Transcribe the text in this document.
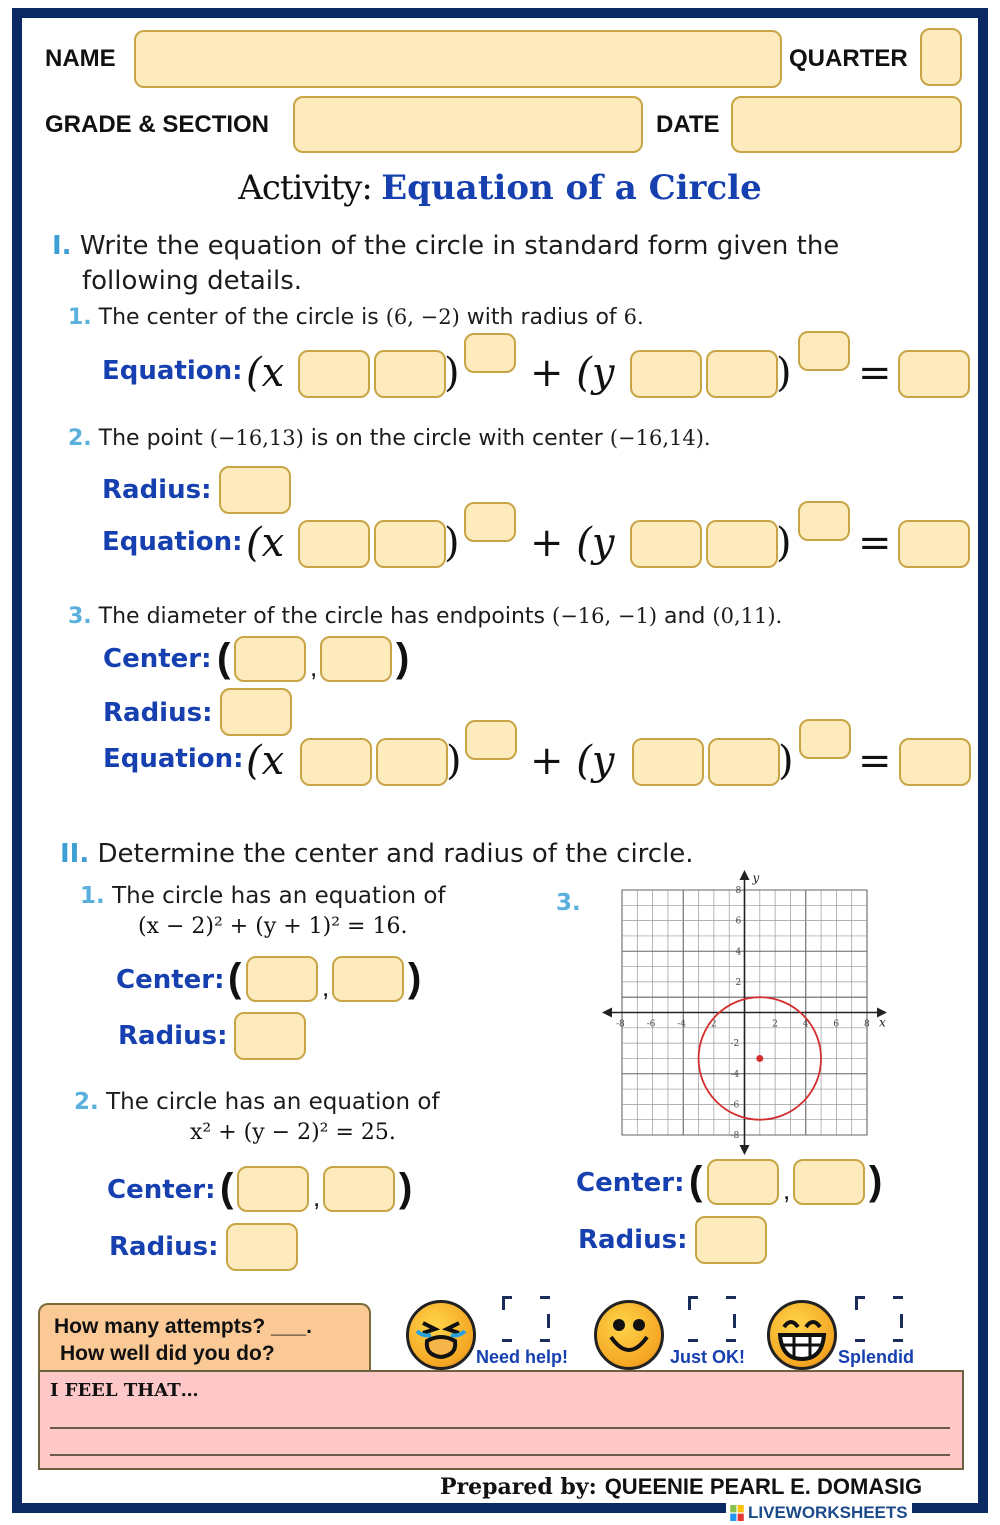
NAME	QUARTER
GRADE & SECTION	DATE
Activity: Equation of a Circle
I. Write the equation of the circle in standard form given the
following details.
1. The center of the circle is (6, −2) with radius of 6.
Equation: (x	) + (y	) =
2. The point (−16,13) is on the circle with center (−16,14).
Radius:
Equation: (x	) + (y	) =
3. The diameter of the circle has endpoints (−16, −1) and (0,11).
Center: (	, )
Radius:
Equation: (x	) + (y	) =
II. Determine the center and radius of the circle.
1. The circle has an equation of
(x − 2)² + (y + 1)² = 16.
Center: (	, )
Radius:
2. The circle has an equation of
x² + (y − 2)² = 25.
Center: (	, )
Radius:
3.
x
y
-8 -6 -4 -2	2	4	6	8
8
6
4
2
-2
-4
-6
-8
Center: (	, )
Radius:
How many attempts? ___.
How well did you do?	Need help!	Just OK!	Splendid
I FEEL THAT…
Prepared by: QUEENIE PEARL E. DOMASIG
LIVEWORKSHEETS
